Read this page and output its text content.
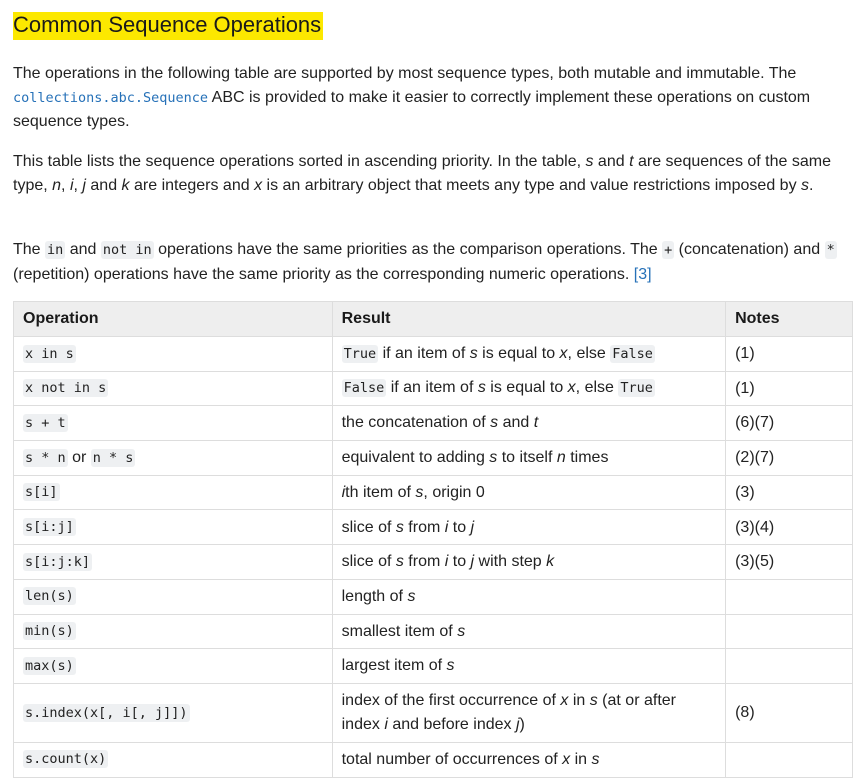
Common Sequence Operations

The operations in the following table are supported by most sequence types, both mutable and immutable. The collections.abc.Sequence ABC is provided to make it easier to correctly implement these operations on custom sequence types.

This table lists the sequence operations sorted in ascending priority. In the table, s and t are sequences of the same type, n, i, j and k are integers and x is an arbitrary object that meets any type and value restrictions imposed by s.

The in and not in operations have the same priorities as the comparison operations. The + (concatenation) and * (repetition) operations have the same priority as the corresponding numeric operations. [3]

Operation	Result	Notes
x in s	True if an item of s is equal to x, else False	(1)
x not in s	False if an item of s is equal to x, else True	(1)
s + t	the concatenation of s and t	(6)(7)
s * n or n * s	equivalent to adding s to itself n times	(2)(7)
s[i]	ith item of s, origin 0	(3)
s[i:j]	slice of s from i to j	(3)(4)
s[i:j:k]	slice of s from i to j with step k	(3)(5)
len(s)	length of s	
min(s)	smallest item of s	
max(s)	largest item of s	
s.index(x[, i[, j]])	index of the first occurrence of x in s (at or after index i and before index j)	(8)
s.count(x)	total number of occurrences of x in s	
